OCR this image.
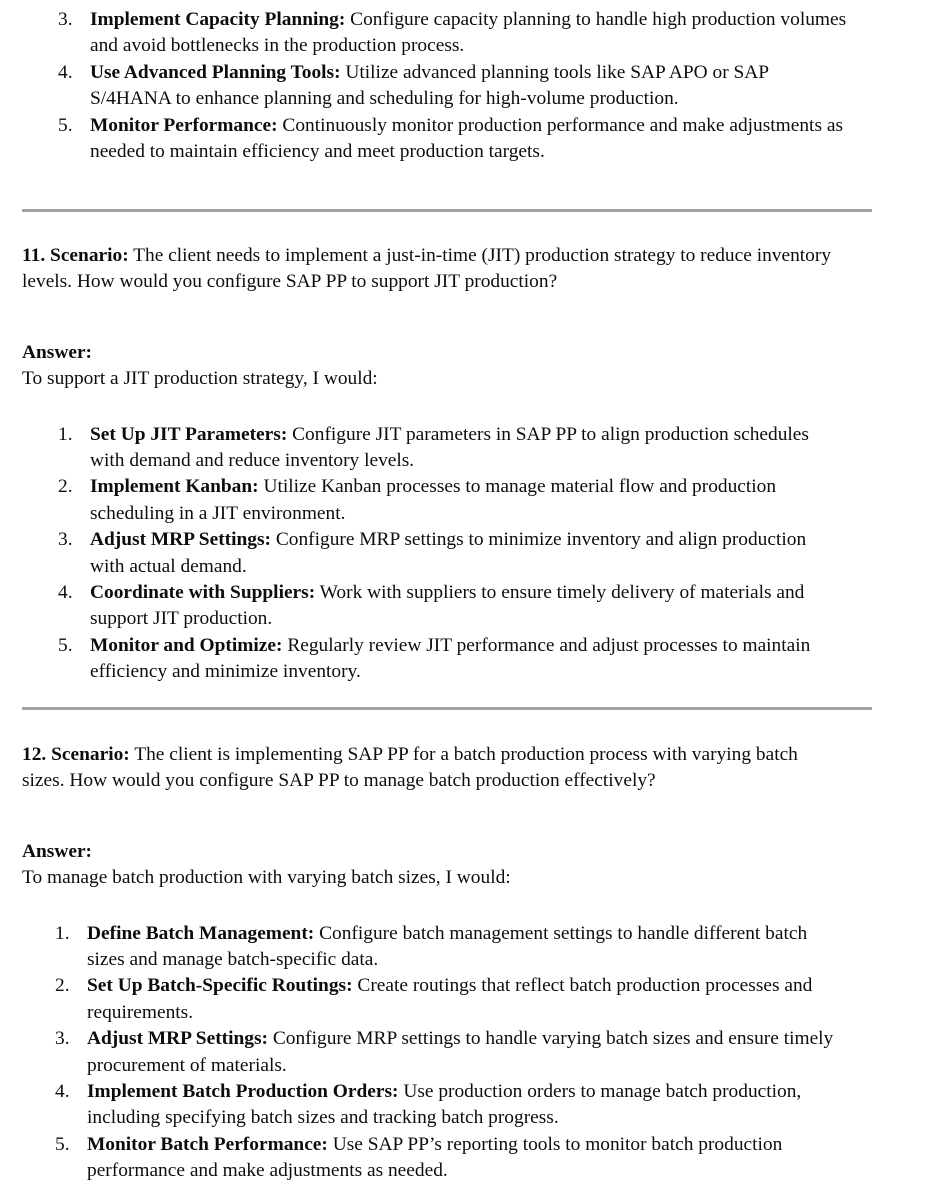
3. Implement Capacity Planning: Configure capacity planning to handle high production volumes and avoid bottlenecks in the production process.
4. Use Advanced Planning Tools: Utilize advanced planning tools like SAP APO or SAP S/4HANA to enhance planning and scheduling for high-volume production.
5. Monitor Performance: Continuously monitor production performance and make adjustments as needed to maintain efficiency and meet production targets.

11. Scenario: The client needs to implement a just-in-time (JIT) production strategy to reduce inventory levels. How would you configure SAP PP to support JIT production?

Answer:

To support a JIT production strategy, I would:

1. Set Up JIT Parameters: Configure JIT parameters in SAP PP to align production schedules with demand and reduce inventory levels.
2. Implement Kanban: Utilize Kanban processes to manage material flow and production scheduling in a JIT environment.
3. Adjust MRP Settings: Configure MRP settings to minimize inventory and align production with actual demand.
4. Coordinate with Suppliers: Work with suppliers to ensure timely delivery of materials and support JIT production.
5. Monitor and Optimize: Regularly review JIT performance and adjust processes to maintain efficiency and minimize inventory.

12. Scenario: The client is implementing SAP PP for a batch production process with varying batch sizes. How would you configure SAP PP to manage batch production effectively?

Answer:

To manage batch production with varying batch sizes, I would:

1. Define Batch Management: Configure batch management settings to handle different batch sizes and manage batch-specific data.
2. Set Up Batch-Specific Routings: Create routings that reflect batch production processes and requirements.
3. Adjust MRP Settings: Configure MRP settings to handle varying batch sizes and ensure timely procurement of materials.
4. Implement Batch Production Orders: Use production orders to manage batch production, including specifying batch sizes and tracking batch progress.
5. Monitor Batch Performance: Use SAP PP’s reporting tools to monitor batch production performance and make adjustments as needed.
